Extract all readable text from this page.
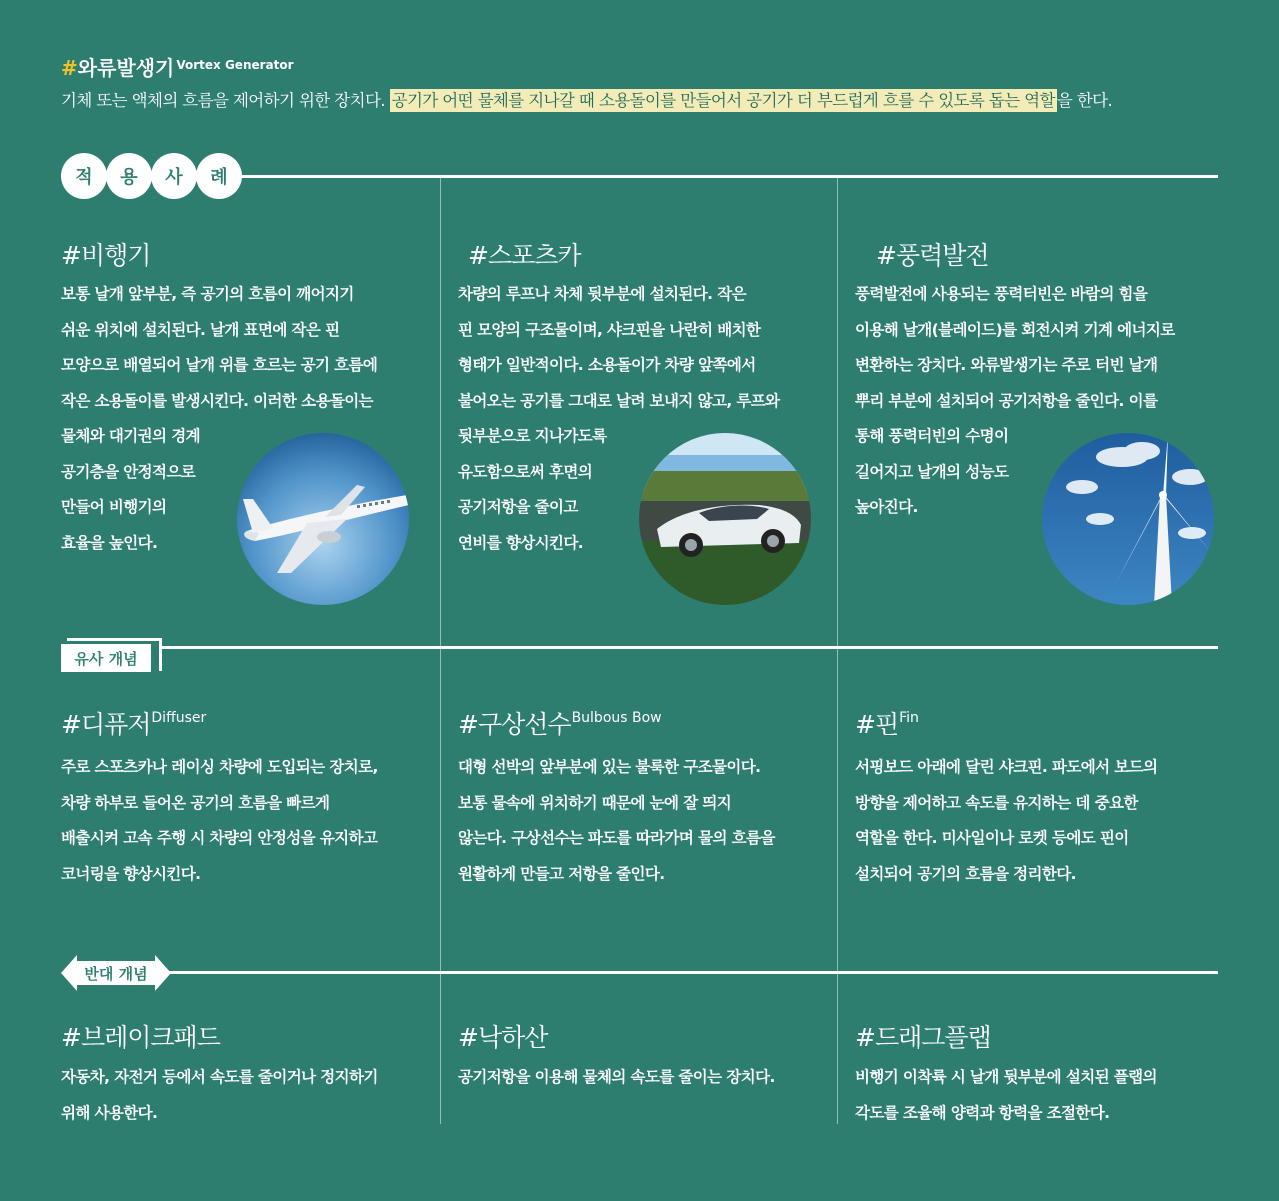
#와류발생기 $^{Vortex Generator}$
기체 또는 액체의 흐름을 제어하기 위한 장치다. 공기가 어떤 물체를 지나갈 때 소용돌이를 만들어서 공기가 더 부드럽게 흐를 수 있도록 돕는 역할 을 한다.
적	용	사	례
#비행기
보통 날개 앞부분, 즉 공기의 흐름이 깨어지기
쉬운 위치에 설치된다. 날개 표면에 작은 핀
모양으로 배열되어 날개 위를 흐르는 공기 흐름에
작은 소용돌이를 발생시킨다. 이러한 소용돌이는
물체와 대기권의 경계
공기층을 안정적으로
만들어 비행기의
효율을 높인다.
#스포츠카
차량의 루프나 차체 뒷부분에 설치된다. 작은
핀 모양의 구조물이며, 샤크핀을 나란히 배치한
형태가 일반적이다. 소용돌이가 차량 앞쪽에서
불어오는 공기를 그대로 날려 보내지 않고, 루프와
뒷부분으로 지나가도록
유도함으로써 후면의
공기저항을 줄이고
연비를 향상시킨다.
#풍력발전
풍력발전에 사용되는 풍력터빈은 바람의 힘을
이용해 날개(블레이드)를 회전시켜 기계 에너지로
변환하는 장치다. 와류발생기는 주로 터빈 날개
뿌리 부분에 설치되어 공기저항을 줄인다. 이를
통해 풍력터빈의 수명이
길어지고 날개의 성능도
높아진다.
유사 개념
#디퓨저$^{Diffuser}$
주로 스포츠카나 레이싱 차량에 도입되는 장치로,
차량 하부로 들어온 공기의 흐름을 빠르게
배출시켜 고속 주행 시 차량의 안정성을 유지하고
코너링을 향상시킨다.
#구상선수$^{Bulbous Bow}$
대형 선박의 앞부분에 있는 불룩한 구조물이다.
보통 물속에 위치하기 때문에 눈에 잘 띄지
않는다. 구상선수는 파도를 따라가며 물의 흐름을
원활하게 만들고 저항을 줄인다.
#핀$^{Fin}$
서핑보드 아래에 달린 샤크핀. 파도에서 보드의
방향을 제어하고 속도를 유지하는 데 중요한
역할을 한다. 미사일이나 로켓 등에도 핀이
설치되어 공기의 흐름을 정리한다.
반대 개념
#브레이크패드
자동차, 자전거 등에서 속도를 줄이거나 정지하기
위해 사용한다.
#낙하산
공기저항을 이용해 물체의 속도를 줄이는 장치다.
#드래그플랩
비행기 이착륙 시 날개 뒷부분에 설치된 플랩의
각도를 조율해 양력과 항력을 조절한다.
